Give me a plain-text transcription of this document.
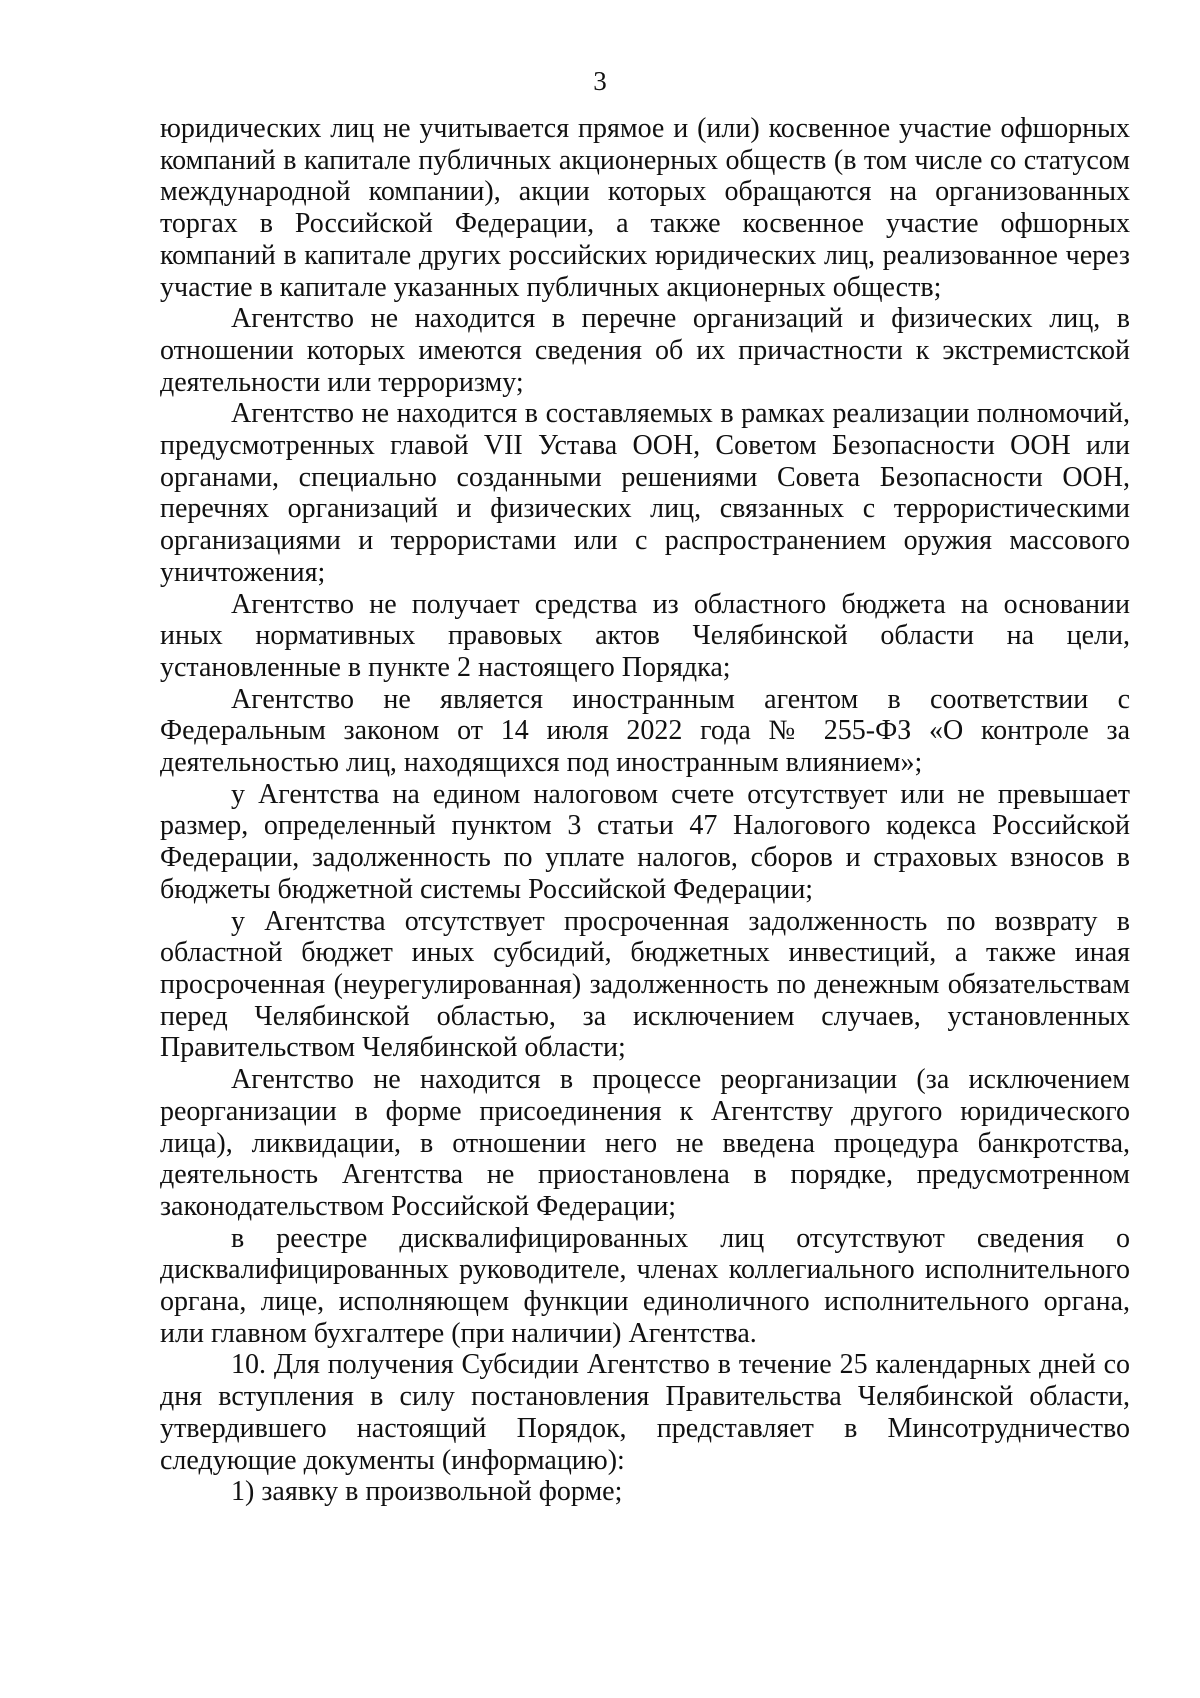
3

юридических лиц не учитывается прямое и (или) косвенное участие офшорных компаний в капитале публичных акционерных обществ (в том числе со статусом международной компании), акции которых обращаются на организованных торгах в Российской Федерации, а также косвенное участие офшорных компаний в капитале других российских юридических лиц, реализованное через участие в капитале указанных публичных акционерных обществ;

Агентство не находится в перечне организаций и физических лиц, в отношении которых имеются сведения об их причастности к экстремистской деятельности или терроризму;

Агентство не находится в составляемых в рамках реализации полномочий, предусмотренных главой VII Устава ООН, Советом Безопасности ООН или органами, специально созданными решениями Совета Безопасности ООН, перечнях организаций и физических лиц, связанных с террористическими организациями и террористами или с распространением оружия массового уничтожения;

Агентство не получает средства из областного бюджета на основании иных нормативных правовых актов Челябинской области на цели, установленные в пункте 2 настоящего Порядка;

Агентство не является иностранным агентом в соответствии с Федеральным законом от 14 июля 2022 года № 255-ФЗ «О контроле за деятельностью лиц, находящихся под иностранным влиянием»;

у Агентства на едином налоговом счете отсутствует или не превышает размер, определенный пунктом 3 статьи 47 Налогового кодекса Российской Федерации, задолженность по уплате налогов, сборов и страховых взносов в бюджеты бюджетной системы Российской Федерации;

у Агентства отсутствует просроченная задолженность по возврату в областной бюджет иных субсидий, бюджетных инвестиций, а также иная просроченная (неурегулированная) задолженность по денежным обязательствам перед Челябинской областью, за исключением случаев, установленных Правительством Челябинской области;

Агентство не находится в процессе реорганизации (за исключением реорганизации в форме присоединения к Агентству другого юридического лица), ликвидации, в отношении него не введена процедура банкротства, деятельность Агентства не приостановлена в порядке, предусмотренном законодательством Российской Федерации;

в реестре дисквалифицированных лиц отсутствуют сведения о дисквалифицированных руководителе, членах коллегиального исполнительного органа, лице, исполняющем функции единоличного исполнительного органа, или главном бухгалтере (при наличии) Агентства.

10. Для получения Субсидии Агентство в течение 25 календарных дней со дня вступления в силу постановления Правительства Челябинской области, утвердившего настоящий Порядок, представляет в Минсотрудничество следующие документы (информацию):

1) заявку в произвольной форме;
